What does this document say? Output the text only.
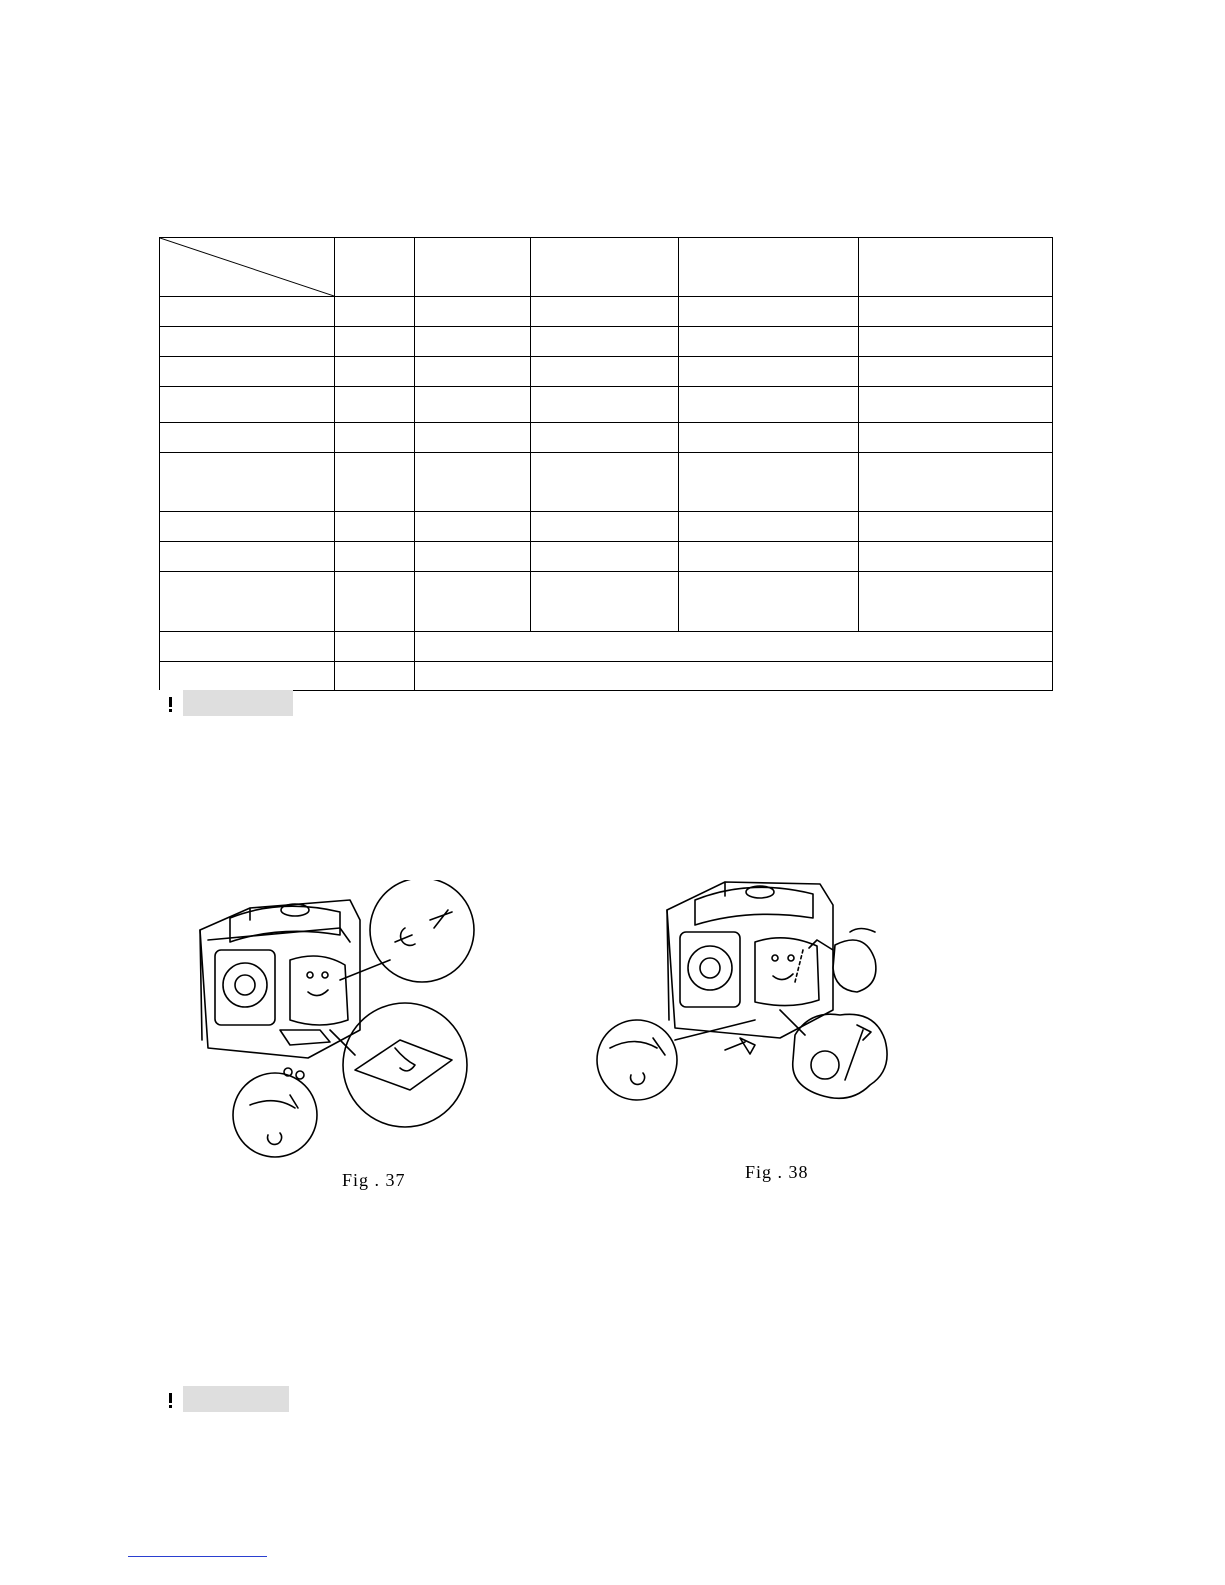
Fig . 37	Fig . 38
